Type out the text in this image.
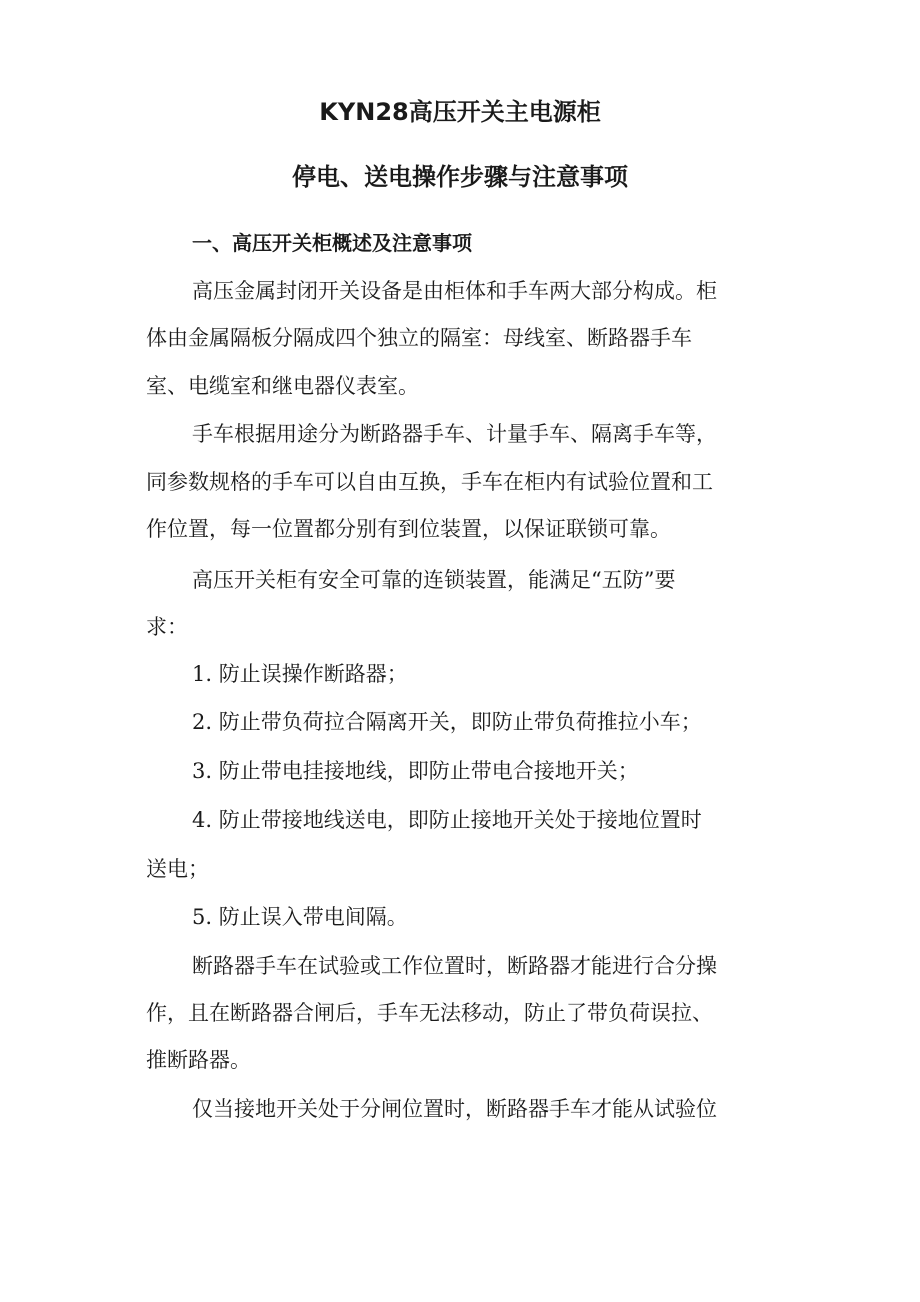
KYN28高压开关主电源柜
停电、送电操作步骤与注意事项
一、高压开关柜概述及注意事项
高压金属封闭开关设备是由柜体和手车两大部分构成。柜
体由金属隔板分隔成四个独立的隔室：母线室、断路器手车
室、电缆室和继电器仪表室。
手车根据用途分为断路器手车、计量手车、隔离手车等，
同参数规格的手车可以自由互换，手车在柜内有试验位置和工
作位置，每一位置都分别有到位装置，以保证联锁可靠。
高压开关柜有安全可靠的连锁装置，能满足“五防”要
求：
1. 防止误操作断路器；
2. 防止带负荷拉合隔离开关，即防止带负荷推拉小车；
3. 防止带电挂接地线，即防止带电合接地开关；
4. 防止带接地线送电，即防止接地开关处于接地位置时
送电；
5. 防止误入带电间隔。
断路器手车在试验或工作位置时，断路器才能进行合分操
作，且在断路器合闸后，手车无法移动，防止了带负荷误拉、
推断路器。
仅当接地开关处于分闸位置时，断路器手车才能从试验位
